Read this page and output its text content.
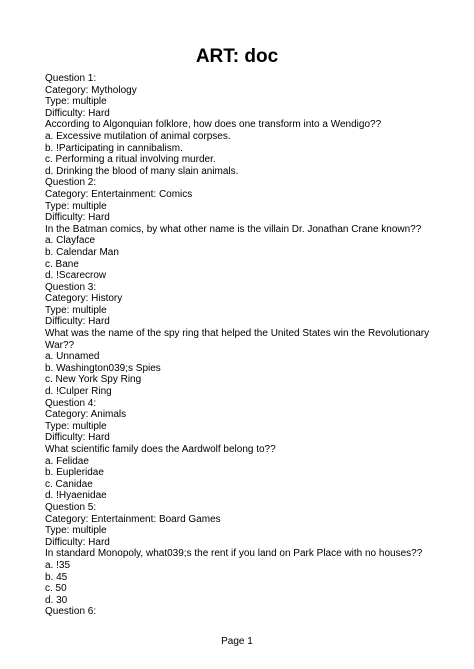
ART: doc
Question 1:
Category: Mythology
Type: multiple
Difficulty: Hard
According to Algonquian folklore, how does one transform into a Wendigo??
a. Excessive mutilation of animal corpses.
b. !Participating in cannibalism.
c. Performing a ritual involving murder.
d. Drinking the blood of many slain animals.
Question 2:
Category: Entertainment: Comics
Type: multiple
Difficulty: Hard
In the Batman comics, by what other name is the villain Dr. Jonathan Crane known??
a. Clayface
b. Calendar Man
c. Bane
d. !Scarecrow
Question 3:
Category: History
Type: multiple
Difficulty: Hard
What was the name of the spy ring that helped the United States win the Revolutionary
War??
a. Unnamed
b. Washington039;s Spies
c. New York Spy Ring
d. !Culper Ring
Question 4:
Category: Animals
Type: multiple
Difficulty: Hard
What scientific family does the Aardwolf belong to??
a. Felidae
b. Eupleridae
c. Canidae
d. !Hyaenidae
Question 5:
Category: Entertainment: Board Games
Type: multiple
Difficulty: Hard
In standard Monopoly, what039;s the rent if you land on Park Place with no houses??
a. !35
b. 45
c. 50
d. 30
Question 6:
Page 1
